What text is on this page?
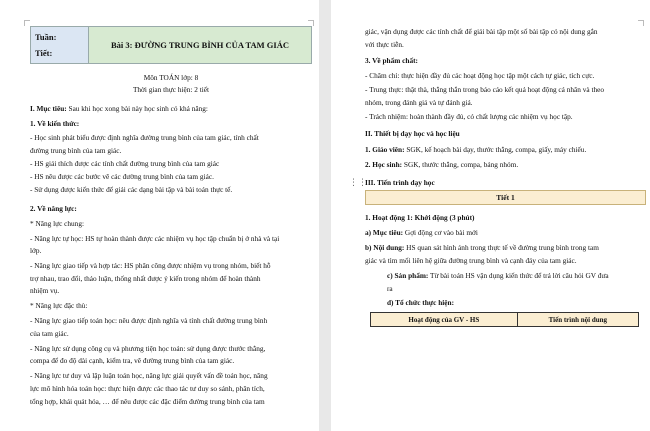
Tuần:
Tiết:
	Bài 3: ĐƯỜNG TRUNG BÌNH CỦA TAM GIÁC
Môn TOÁN lớp: 8
Thời gian thực hiện: 2 tiết
I. Mục tiêu: Sau khi học xong bài này học sinh có khả năng:
1. Về kiến thức:
- Học sinh phát biểu được định nghĩa đường trung bình của tam giác, tính chất
đường trung bình của tam giác.
- HS giải thích được các tính chất đường trung bình của tam giác
- HS nêu được các bước vẽ các đường trung bình của tam giác.
- Sử dụng được kiến thức để giải các dạng bài tập và bài toán thực tế.
2. Về năng lực:
* Năng lực chung:
- Năng lực tự học: HS tự hoàn thành được các nhiệm vụ học tập chuẩn bị ở nhà và tại
lớp.
- Năng lực giao tiếp và hợp tác: HS phân công được nhiệm vụ trong nhóm, biết hỗ
trợ nhau, trao đổi, thảo luận, thống nhất được ý kiến trong nhóm để hoàn thành
nhiệm vụ.
* Năng lực đặc thù:
- Năng lực giao tiếp toán học: nêu được định nghĩa và tính chất đường trung bình
của tam giác.
- Năng lực sử dụng công cụ và phương tiện học toán: sử dụng được thước thẳng,
compa để đo độ dài cạnh, kiểm tra, vẽ đường trung bình của tam giác.
- Năng lực tư duy và lập luận toán học, năng lực giải quyết vấn đề toán học, năng
lực mô hình hóa toán học: thực hiện được các thao tác tư duy so sánh, phân tích,
tổng hợp, khái quát hóa, … để nêu được các đặc điểm đường trung bình của tam
giác, vận dụng được các tính chất để giải bài tập một số bài tập có nội dung gắn
với thực tiễn.
3. Về phẩm chất:
- Chăm chỉ: thực hiện đầy đủ các hoạt động học tập một cách tự giác, tích cực.
- Trung thực: thật thà, thẳng thắn trong báo cáo kết quả hoạt động cá nhân và theo
nhóm, trong đánh giá và tự đánh giá.
- Trách nhiệm: hoàn thành đầy đủ, có chất lượng các nhiệm vụ học tập.
II. Thiết bị dạy học và học liệu
1. Giáo viên: SGK, kế hoạch bài dạy, thước thẳng, compa, giấy, máy chiếu.
2. Học sinh: SGK, thước thẳng, compa, bảng nhóm.
III. Tiến trình dạy học
⋮⋮
Tiết 1
1. Hoạt động 1: Khởi động (3 phút)
a) Mục tiêu: Gợi động cơ vào bài mới
b) Nội dung: HS quan sát hình ảnh trong thực tế về đường trung bình trong tam
giác và tìm mối liên hệ giữa đường trung bình và cạnh đáy của tam giác.
c) Sản phẩm: Từ bài toán HS vận dụng kiến thức để trả lời câu hỏi GV đưa
ra
d) Tổ chức thực hiện:
Hoạt động của GV - HS	Tiến trình nội dung
